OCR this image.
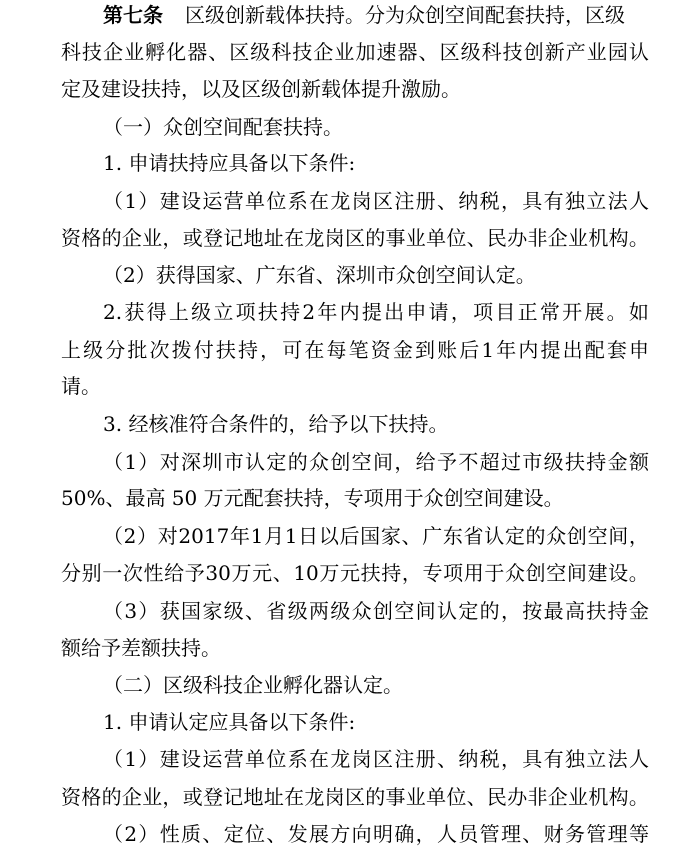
第七条 区级创新载体扶持。分为众创空间配套扶持，区级
科 技 企 业 孵 化 器 、 区 级 科 技 企 业 加 速 器 、 区 级 科 技 创 新 产 业 园 认
定及建设扶持，以及区级创新载体提升激励。
（一）众创空间配套扶持。
1. 申请扶持应具备以下条件:
（ 1 ） 建 设 运 营 单 位 系 在 龙 岗 区 注 册 、 纳 税 ， 具 有 独 立 法 人
资 格 的 企 业 ， 或 登 记 地 址 在 龙 岗 区 的 事 业 单 位 、 民 办 非 企 业 机 构 。
（2）获得国家、广东省、深圳市众创空间认定。
2. 获 得 上 级 立 项 扶 持 2 年 内 提 出 申 请 ， 项 目 正 常 开 展 。 如
上 级 分 批 次 拨 付 扶 持 ， 可 在 每 笔 资 金 到 账 后 1 年 内 提 出 配 套 申
请。
3. 经核准符合条件的，给予以下扶持。
（ 1 ） 对 深 圳 市 认 定 的 众 创 空 间 ， 给 予 不 超 过 市 级 扶 持 金 额
50%、最高 50 万元配套扶持，专项用于众创空间建设。
（ 2 ） 对 2017 年 1 月 1 日 以 后 国 家 、 广 东 省 认 定 的 众 创 空 间 ，
分 别 一 次 性 给 予 30 万 元 、 10 万 元 扶 持 ， 专 项 用 于 众 创 空 间 建 设 。
（ 3 ） 获 国 家 级 、 省 级 两 级 众 创 空 间 认 定 的 ， 按 最 高 扶 持 金
额给予差额扶持。
（二）区级科技企业孵化器认定。
1. 申请认定应具备以下条件:
（ 1 ） 建 设 运 营 单 位 系 在 龙 岗 区 注 册 、 纳 税 ， 具 有 独 立 法 人
资 格 的 企 业 ， 或 登 记 地 址 在 龙 岗 区 的 事 业 单 位 、 民 办 非 企 业 机 构 。
（ 2 ） 性 质 、 定 位 、 发 展 方 向 明 确 ， 人 员 管 理 、 财 务 管 理 等
